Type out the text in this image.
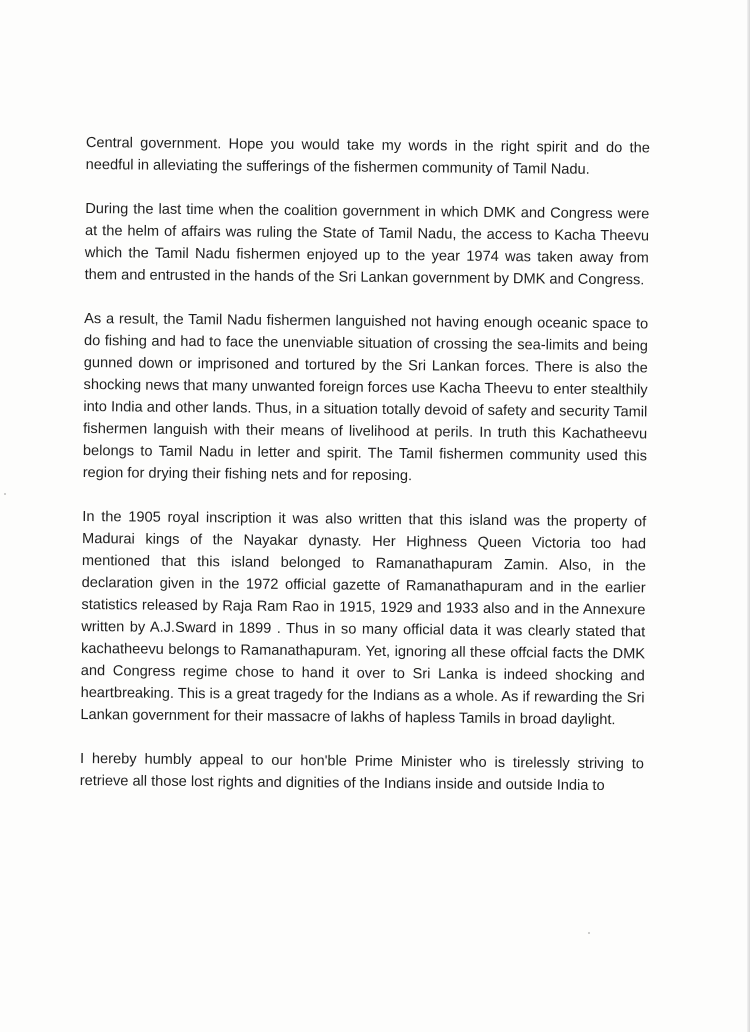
Central government. Hope you would take my words in the right spirit and do the needful in alleviating the sufferings of the fishermen community of Tamil Nadu.

During the last time when the coalition government in which DMK and Congress were at the helm of affairs was ruling the State of Tamil Nadu, the access to Kacha Theevu which the Tamil Nadu fishermen enjoyed up to the year 1974 was taken away from them and entrusted in the hands of the Sri Lankan government by DMK and Congress.

As a result, the Tamil Nadu fishermen languished not having enough oceanic space to do fishing and had to face the unenviable situation of crossing the sea-limits and being gunned down or imprisoned and tortured by the Sri Lankan forces. There is also the shocking news that many unwanted foreign forces use Kacha Theevu to enter stealthily into India and other lands. Thus, in a situation totally devoid of safety and security Tamil fishermen languish with their means of livelihood at perils. In truth this Kachatheevu belongs to Tamil Nadu in letter and spirit. The Tamil fishermen community used this region for drying their fishing nets and for reposing.

In the 1905 royal inscription it was also written that this island was the property of Madurai kings of the Nayakar dynasty. Her Highness Queen Victoria too had mentioned that this island belonged to Ramanathapuram Zamin. Also, in the declaration given in the 1972 official gazette of Ramanathapuram and in the earlier statistics released by Raja Ram Rao in 1915, 1929 and 1933 also and in the Annexure written by A.J.Sward in 1899 . Thus in so many official data it was clearly stated that kachatheevu belongs to Ramanathapuram. Yet, ignoring all these offcial facts the DMK and Congress regime chose to hand it over to Sri Lanka is indeed shocking and heartbreaking. This is a great tragedy for the Indians as a whole. As if rewarding the Sri Lankan government for their massacre of lakhs of hapless Tamils in broad daylight.

I hereby humbly appeal to our hon'ble Prime Minister who is tirelessly striving to retrieve all those lost rights and dignities of the Indians inside and outside India to
